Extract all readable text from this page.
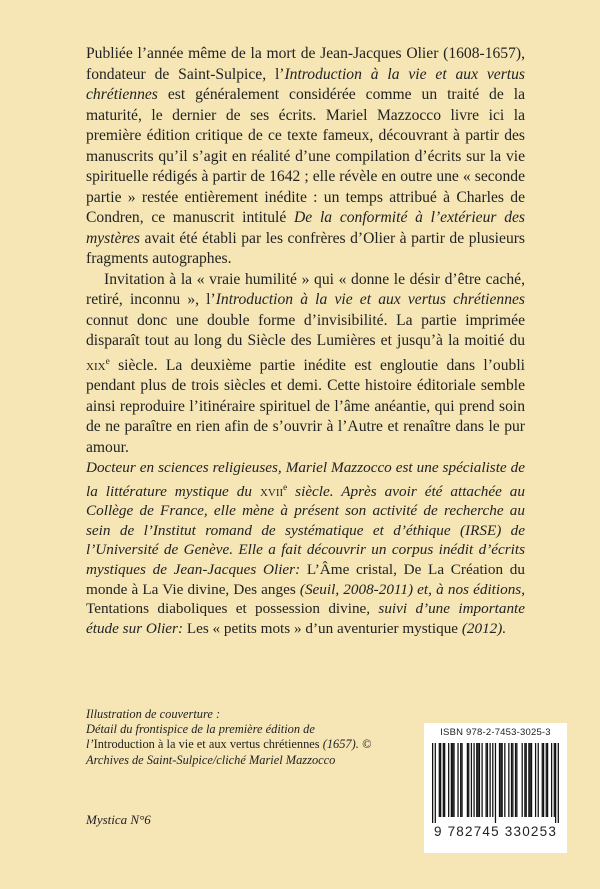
Publiée l’année même de la mort de Jean-Jacques Olier (1608-1657), fondateur de Saint-Sulpice, l’Introduction à la vie et aux vertus chrétiennes est généralement considérée comme un traité de la maturité, le dernier de ses écrits. Mariel Mazzocco livre ici la première édition critique de ce texte fameux, découvrant à partir des manuscrits qu’il s’agit en réalité d’une compilation d’écrits sur la vie spirituelle rédigés à partir de 1642 ; elle révèle en outre une « seconde partie » restée entièrement inédite : un temps attribué à Charles de Condren, ce manuscrit intitulé De la conformité à l’extérieur des mystères avait été établi par les confrères d’Olier à partir de plusieurs fragments autographes.

Invitation à la « vraie humilité » qui « donne le désir d’être caché, retiré, inconnu », l’Introduction à la vie et aux vertus chrétiennes connut donc une double forme d’invisibilité. La partie imprimée disparaît tout au long du Siècle des Lumières et jusqu’à la moitié du xix$^e$ siècle. La deuxième partie inédite est engloutie dans l’oubli pendant plus de trois siècles et demi. Cette histoire éditoriale semble ainsi reproduire l’itinéraire spirituel de l’âme anéantie, qui prend soin de ne paraître en rien afin de s’ouvrir à l’Autre et renaître dans le pur amour.

Docteur en sciences religieuses, Mariel Mazzocco est une spécialiste de la littérature mystique du xvii$^e$ siècle. Après avoir été attachée au Collège de France, elle mène à présent son activité de recherche au sein de l’Institut romand de systématique et d’éthique (IRSE) de l’Université de Genève. Elle a fait découvrir un corpus inédit d’écrits mystiques de Jean-Jacques Olier: L’Âme cristal, De La Création du monde à La Vie divine, Des anges (Seuil, 2008-2011) et, à nos éditions, Tentations diaboliques et possession divine, suivi d’une importante étude sur Olier: Les « petits mots » d’un aventurier mystique (2012).

Illustration de couverture :
Détail du frontispice de la première édition de l’Introduction à la vie et aux vertus chrétiennes (1657). © Archives de Saint-Sulpice/cliché Mariel Mazzocco
Mystica N°6
ISBN 978-2-7453-3025-3
9 782745 330253
